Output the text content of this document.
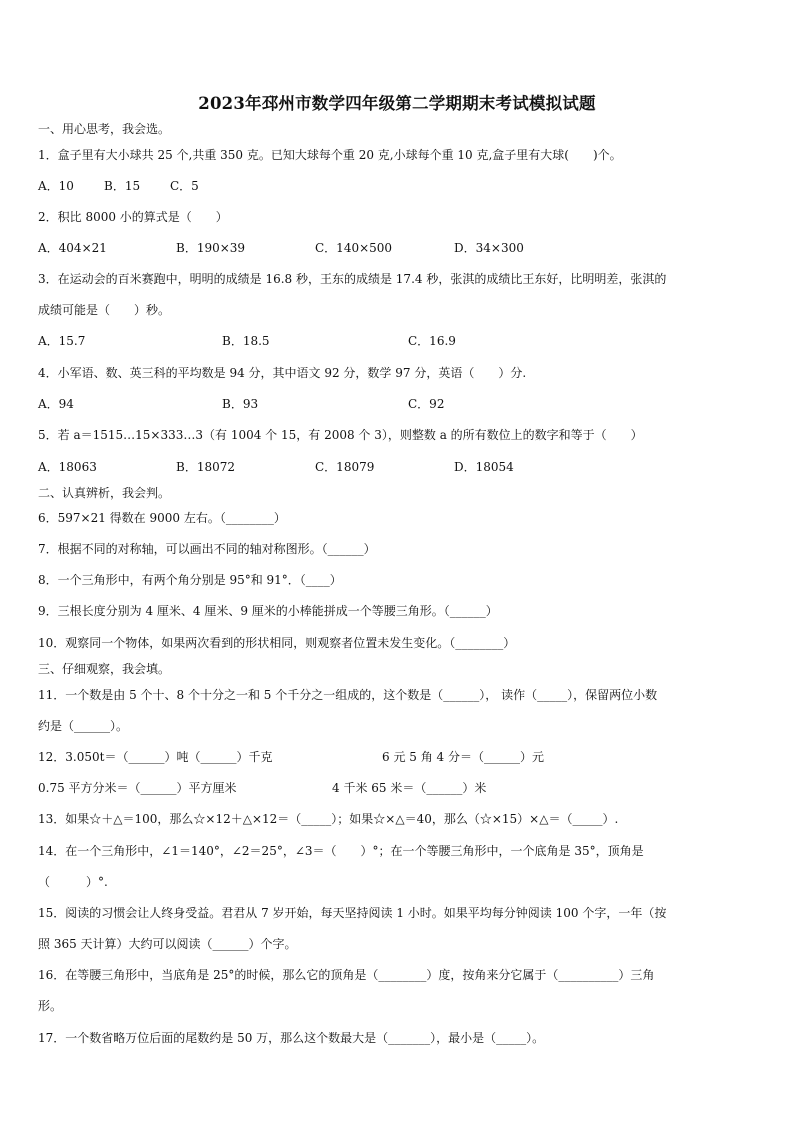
2023年邳州市数学四年级第二学期期末考试模拟试题
一、用心思考，我会选。
1．盒子里有大小球共 25 个,共重 350 克。已知大球每个重 20 克,小球每个重 10 克,盒子里有大球(　　)个。
A．10	B．15 C．5
2．积比 8000 小的算式是（　　）
A．404×21	B．190×39	C．140×500	D．34×300
3．在运动会的百米赛跑中，明明的成绩是 16.8 秒，王东的成绩是 17.4 秒，张淇的成绩比王东好，比明明差，张淇的
成绩可能是（　　）秒。
A．15.7	B．18.5	C．16.9
4．小军语、数、英三科的平均数是 94 分，其中语文 92 分，数学 97 分，英语（　　）分.
A．94	B．93	C．92
5．若 a＝1515…15×333…3（有 1004 个 15，有 2008 个 3），则整数 a 的所有数位上的数字和等于（　　）
A．18063	B．18072	C．18079	D．18054
二、认真辨析，我会判。
6．597×21 得数在 9000 左右。（________）
7．根据不同的对称轴，可以画出不同的轴对称图形。（______）
8．一个三角形中，有两个角分别是 95°和 91°．（____）
9．三根长度分别为 4 厘米、4 厘米、9 厘米的小棒能拼成一个等腰三角形。（______）
10．观察同一个物体，如果两次看到的形状相同，则观察者位置未发生变化。（________）
三、仔细观察，我会填。
11．一个数是由 5 个十、8 个十分之一和 5 个千分之一组成的，这个数是（______）， 读作（_____），保留两位小数
约是（______）。
12．3.050t＝（______）吨（______）千克	6 元 5 角 4 分＝（______）元
0.75 平方分米＝（______）平方厘米	4 千米 65 米＝（______）米
13．如果☆＋△＝100，那么☆×12＋△×12＝（_____）；如果☆×△＝40，那么（☆×15）×△＝（_____）.
14．在一个三角形中，∠1＝140°，∠2＝25°，∠3＝（　　）°；在一个等腰三角形中，一个底角是 35°，顶角是
（　　　）°.
15．阅读的习惯会让人终身受益。君君从 7 岁开始，每天坚持阅读 1 小时。如果平均每分钟阅读 100 个字，一年（按
照 365 天计算）大约可以阅读（______）个字。
16．在等腰三角形中，当底角是 25°的时候，那么它的顶角是（________）度，按角来分它属于（__________）三角
形。
17．一个数省略万位后面的尾数约是 50 万，那么这个数最大是（_______），最小是（_____）。
